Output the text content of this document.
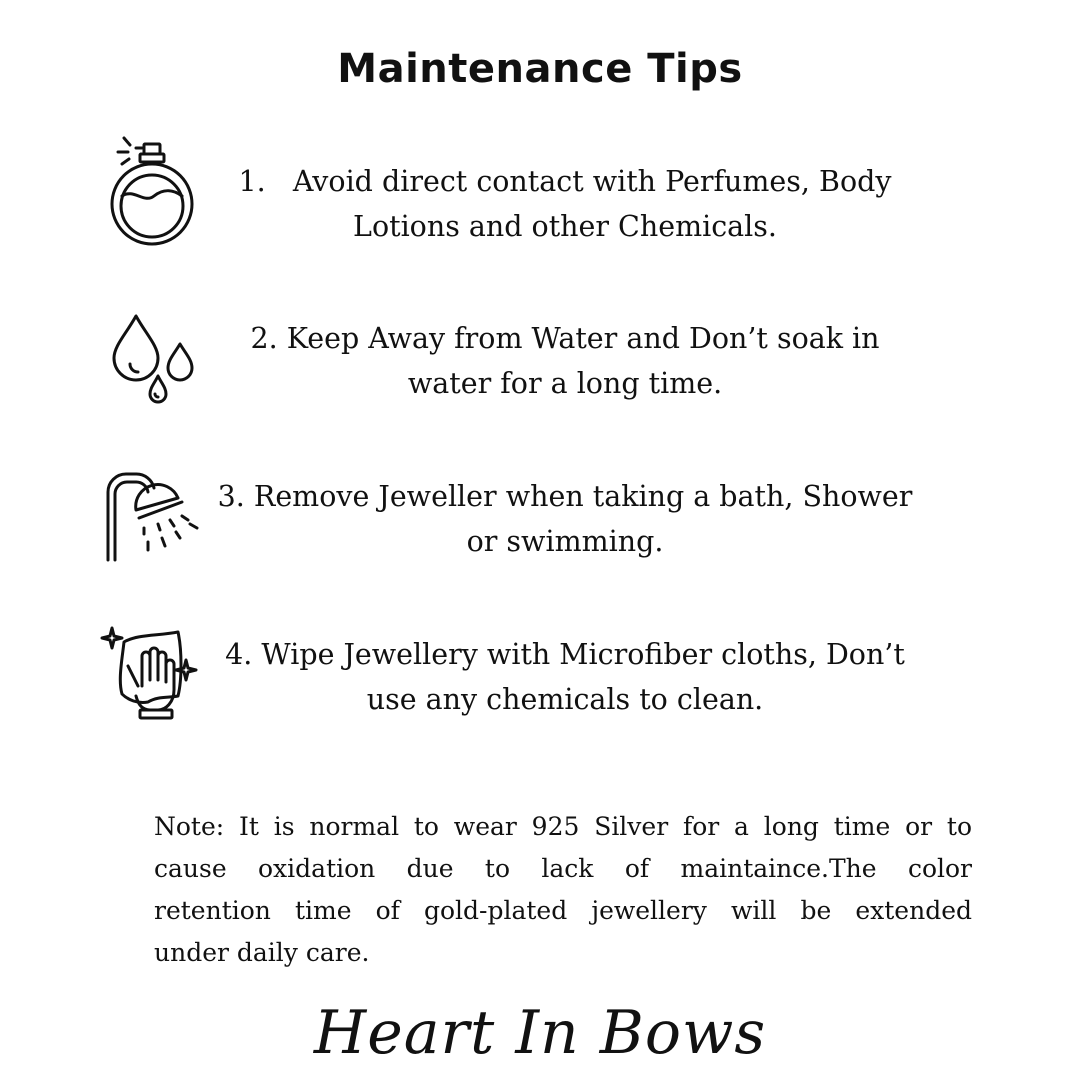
Maintenance Tips
1.   Avoid direct contact with Perfumes, Body
Lotions and other Chemicals.
2. Keep Away from Water and Don’t soak in
water for a long time.
3. Remove Jeweller when taking a bath, Shower
or swimming.
4. Wipe Jewellery with Microfiber cloths, Don’t
use any chemicals to clean.
Note: It is normal to wear 925 Silver for a long time or to
cause oxidation due to lack of maintaince.The color
retention time of gold-plated jewellery will be extended
under daily care.
Heart In Bows
